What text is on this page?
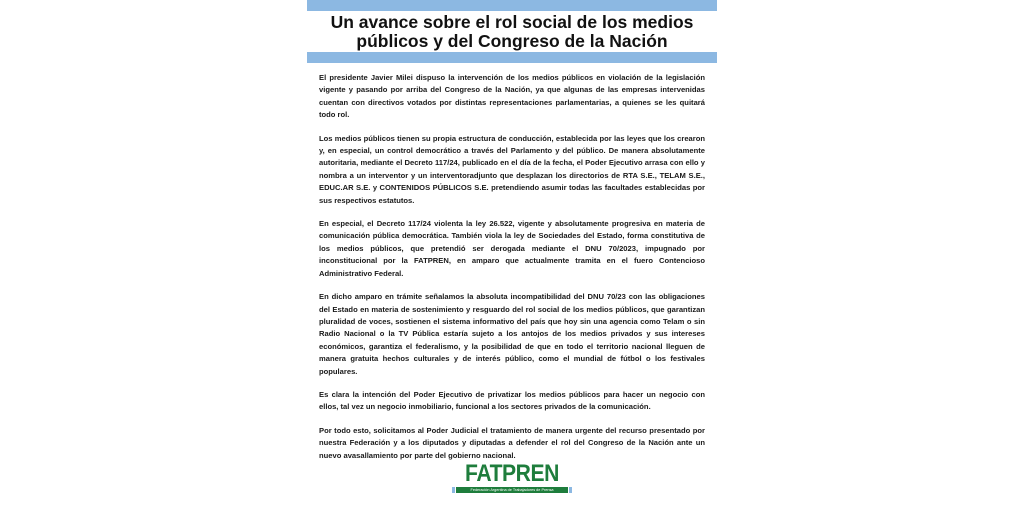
Un avance sobre el rol social de los medios
públicos y del Congreso de la Nación

El presidente Javier Milei dispuso la intervención de los medios públicos en violación de la legislación vigente y pasando por arriba del Congreso de la Nación, ya que algunas de las empresas intervenidas cuentan con directivos votados por distintas representaciones parlamentarias, a quienes se les quitará todo rol.

Los medios públicos tienen su propia estructura de conducción, establecida por las leyes que los crearon y, en especial, un control democrático a través del Parlamento y del público. De manera absolutamente autoritaria, mediante el Decreto 117/24, publicado en el día de la fecha, el Poder Ejecutivo arrasa con ello y nombra a un interventor y un interventoradjunto que desplazan los directorios de RTA S.E., TELAM S.E., EDUC.AR S.E. y CONTENIDOS PÚBLICOS S.E. pretendiendo asumir todas las facultades establecidas por sus respectivos estatutos.

En especial, el Decreto 117/24 violenta la ley 26.522, vigente y absolutamente progresiva en materia de comunicación pública democrática. También viola la ley de Sociedades del Estado, forma constitutiva de los medios públicos, que pretendió ser derogada mediante el DNU 70/2023, impugnado por inconstitucional por la FATPREN, en amparo que actualmente tramita en el fuero Contencioso Administrativo Federal.

En dicho amparo en trámite señalamos la absoluta incompatibilidad del DNU 70/23 con las obligaciones del Estado en materia de sostenimiento y resguardo del rol social de los medios públicos, que garantizan pluralidad de voces, sostienen el sistema informativo del país que hoy sin una agencia como Telam o sin Radio Nacional o la TV Pública estaría sujeto a los antojos de los medios privados y sus intereses económicos, garantiza el federalismo, y la posibilidad de que en todo el territorio nacional lleguen de manera gratuita hechos culturales y de interés público, como el mundial de fútbol o los festivales populares.

Es clara la intención del Poder Ejecutivo de privatizar los medios públicos para hacer un negocio con ellos, tal vez un negocio inmobiliario, funcional a los sectores privados de la comunicación.

Por todo esto, solicitamos al Poder Judicial el tratamiento de manera urgente del recurso presentado por nuestra Federación y a los diputados y diputadas a defender el rol del Congreso de la Nación ante un nuevo avasallamiento por parte del gobierno nacional.

FATPREN
Federación Argentina de Trabajadores de Prensa
